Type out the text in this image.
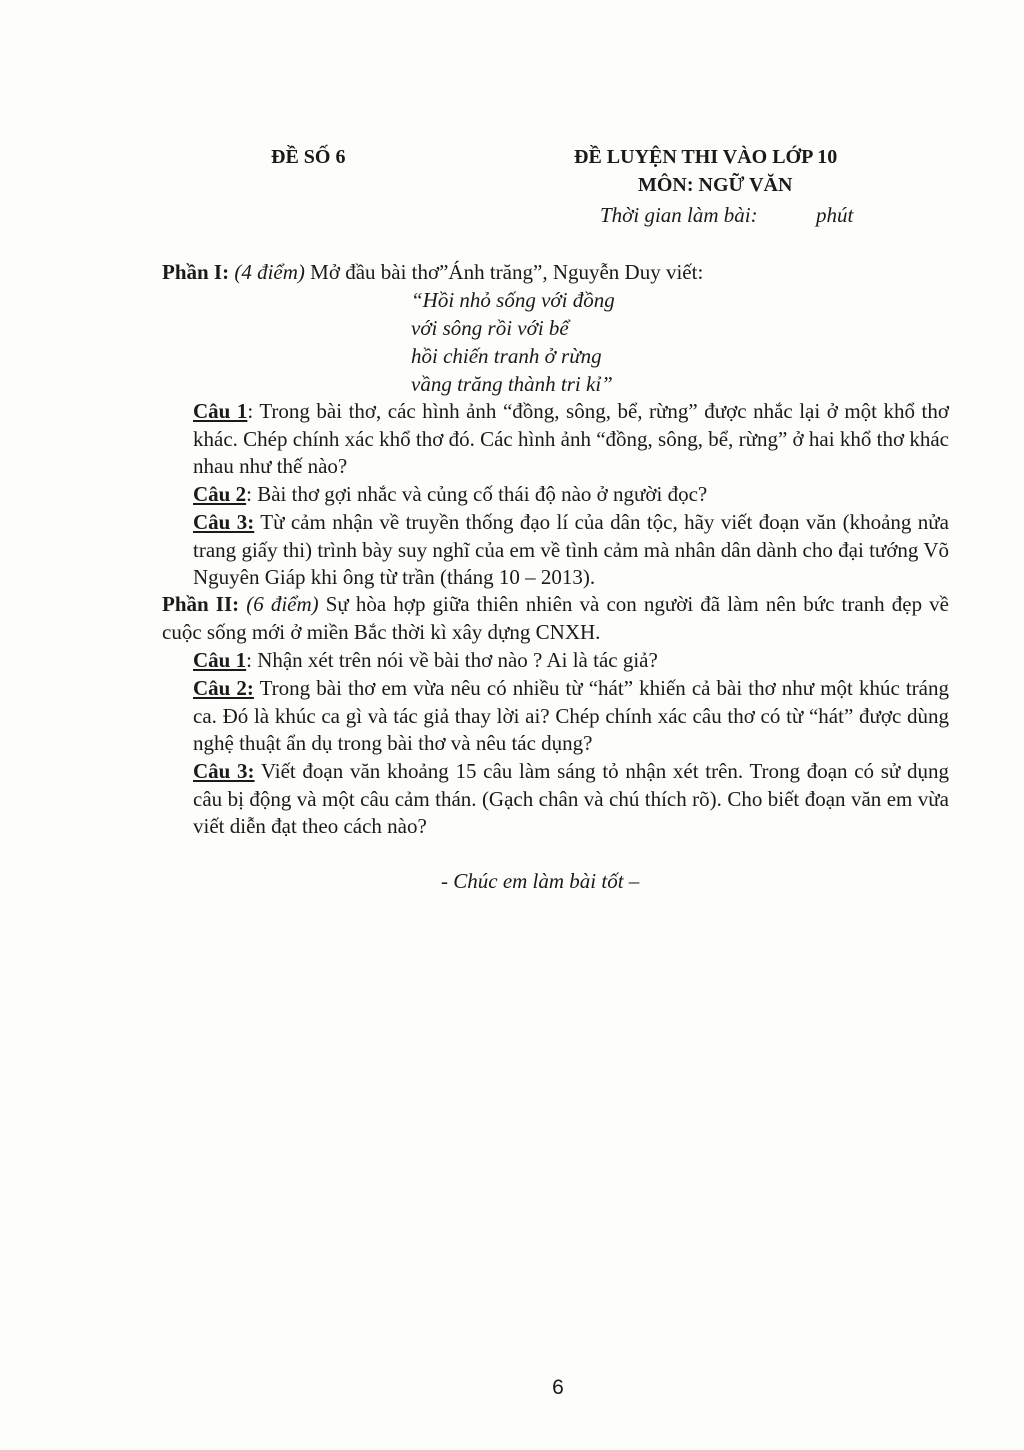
ĐỀ SỐ 6	ĐỀ LUYỆN THI VÀO LỚP 10
MÔN: NGỮ VĂN
Thời gian làm bài:	phút
Phần I: (4 điểm) Mở đầu bài thơ”Ánh trăng”, Nguyễn Duy viết:
“Hồi nhỏ sống với đồng
với sông rồi với bể
hồi chiến tranh ở rừng
vầng trăng thành tri kỉ”

Câu 1: Trong bài thơ, các hình ảnh “đồng, sông, bể, rừng” được nhắc lại ở một khổ thơ khác. Chép chính xác khổ thơ đó. Các hình ảnh “đồng, sông, bể, rừng” ở hai khổ thơ khác nhau như thế nào?

Câu 2: Bài thơ gợi nhắc và củng cố thái độ nào ở người đọc?

Câu 3: Từ cảm nhận về truyền thống đạo lí của dân tộc, hãy viết đoạn văn (khoảng nửa trang giấy thi) trình bày suy nghĩ của em về tình cảm mà nhân dân dành cho đại tướng Võ Nguyên Giáp khi ông từ trần (tháng 10 – 2013).

Phần II: (6 điểm) Sự hòa hợp giữa thiên nhiên và con người đã làm nên bức tranh đẹp về cuộc sống mới ở miền Bắc thời kì xây dựng CNXH.

Câu 1: Nhận xét trên nói về bài thơ nào ? Ai là tác giả?

Câu 2: Trong bài thơ em vừa nêu có nhiều từ “hát” khiến cả bài thơ như một khúc tráng ca. Đó là khúc ca gì và tác giả thay lời ai? Chép chính xác câu thơ có từ “hát” được dùng nghệ thuật ẩn dụ trong bài thơ và nêu tác dụng?

Câu 3: Viết đoạn văn khoảng 15 câu làm sáng tỏ nhận xét trên. Trong đoạn có sử dụng câu bị động và một câu cảm thán. (Gạch chân và chú thích rõ). Cho biết đoạn văn em vừa viết diễn đạt theo cách nào?

- Chúc em làm bài tốt –
6
